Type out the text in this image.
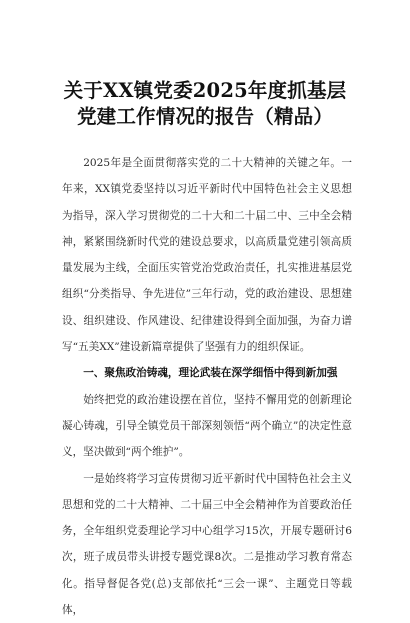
关于XX镇党委2025年度抓基层党建工作情况的报告（精品）

2025年是全面贯彻落实党的二十大精神的关键之年。一年来，XX镇党委坚持以习近平新时代中国特色社会主义思想为指导，深入学习贯彻党的二十大和二十届二中、三中全会精神，紧紧围绕新时代党的建设总要求，以高质量党建引领高质量发展为主线，全面压实管党治党政治责任，扎实推进基层党组织“分类指导、争先进位”三年行动，党的政治建设、思想建设、组织建设、作风建设、纪律建设得到全面加强，为奋力谱写“五美XX”建设新篇章提供了坚强有力的组织保证。

一、聚焦政治铸魂，理论武装在深学细悟中得到新加强

始终把党的政治建设摆在首位，坚持不懈用党的创新理论凝心铸魂，引导全镇党员干部深刻领悟“两个确立”的决定性意义，坚决做到“两个维护”。

一是始终将学习宣传贯彻习近平新时代中国特色社会主义思想和党的二十大精神、二十届三中全会精神作为首要政治任务，全年组织党委理论学习中心组学习15次，开展专题研讨6次，班子成员带头讲授专题党课8次。二是推动学习教育常态化。指导督促各党(总)支部依托“三会一课”、主题党日等载体，
